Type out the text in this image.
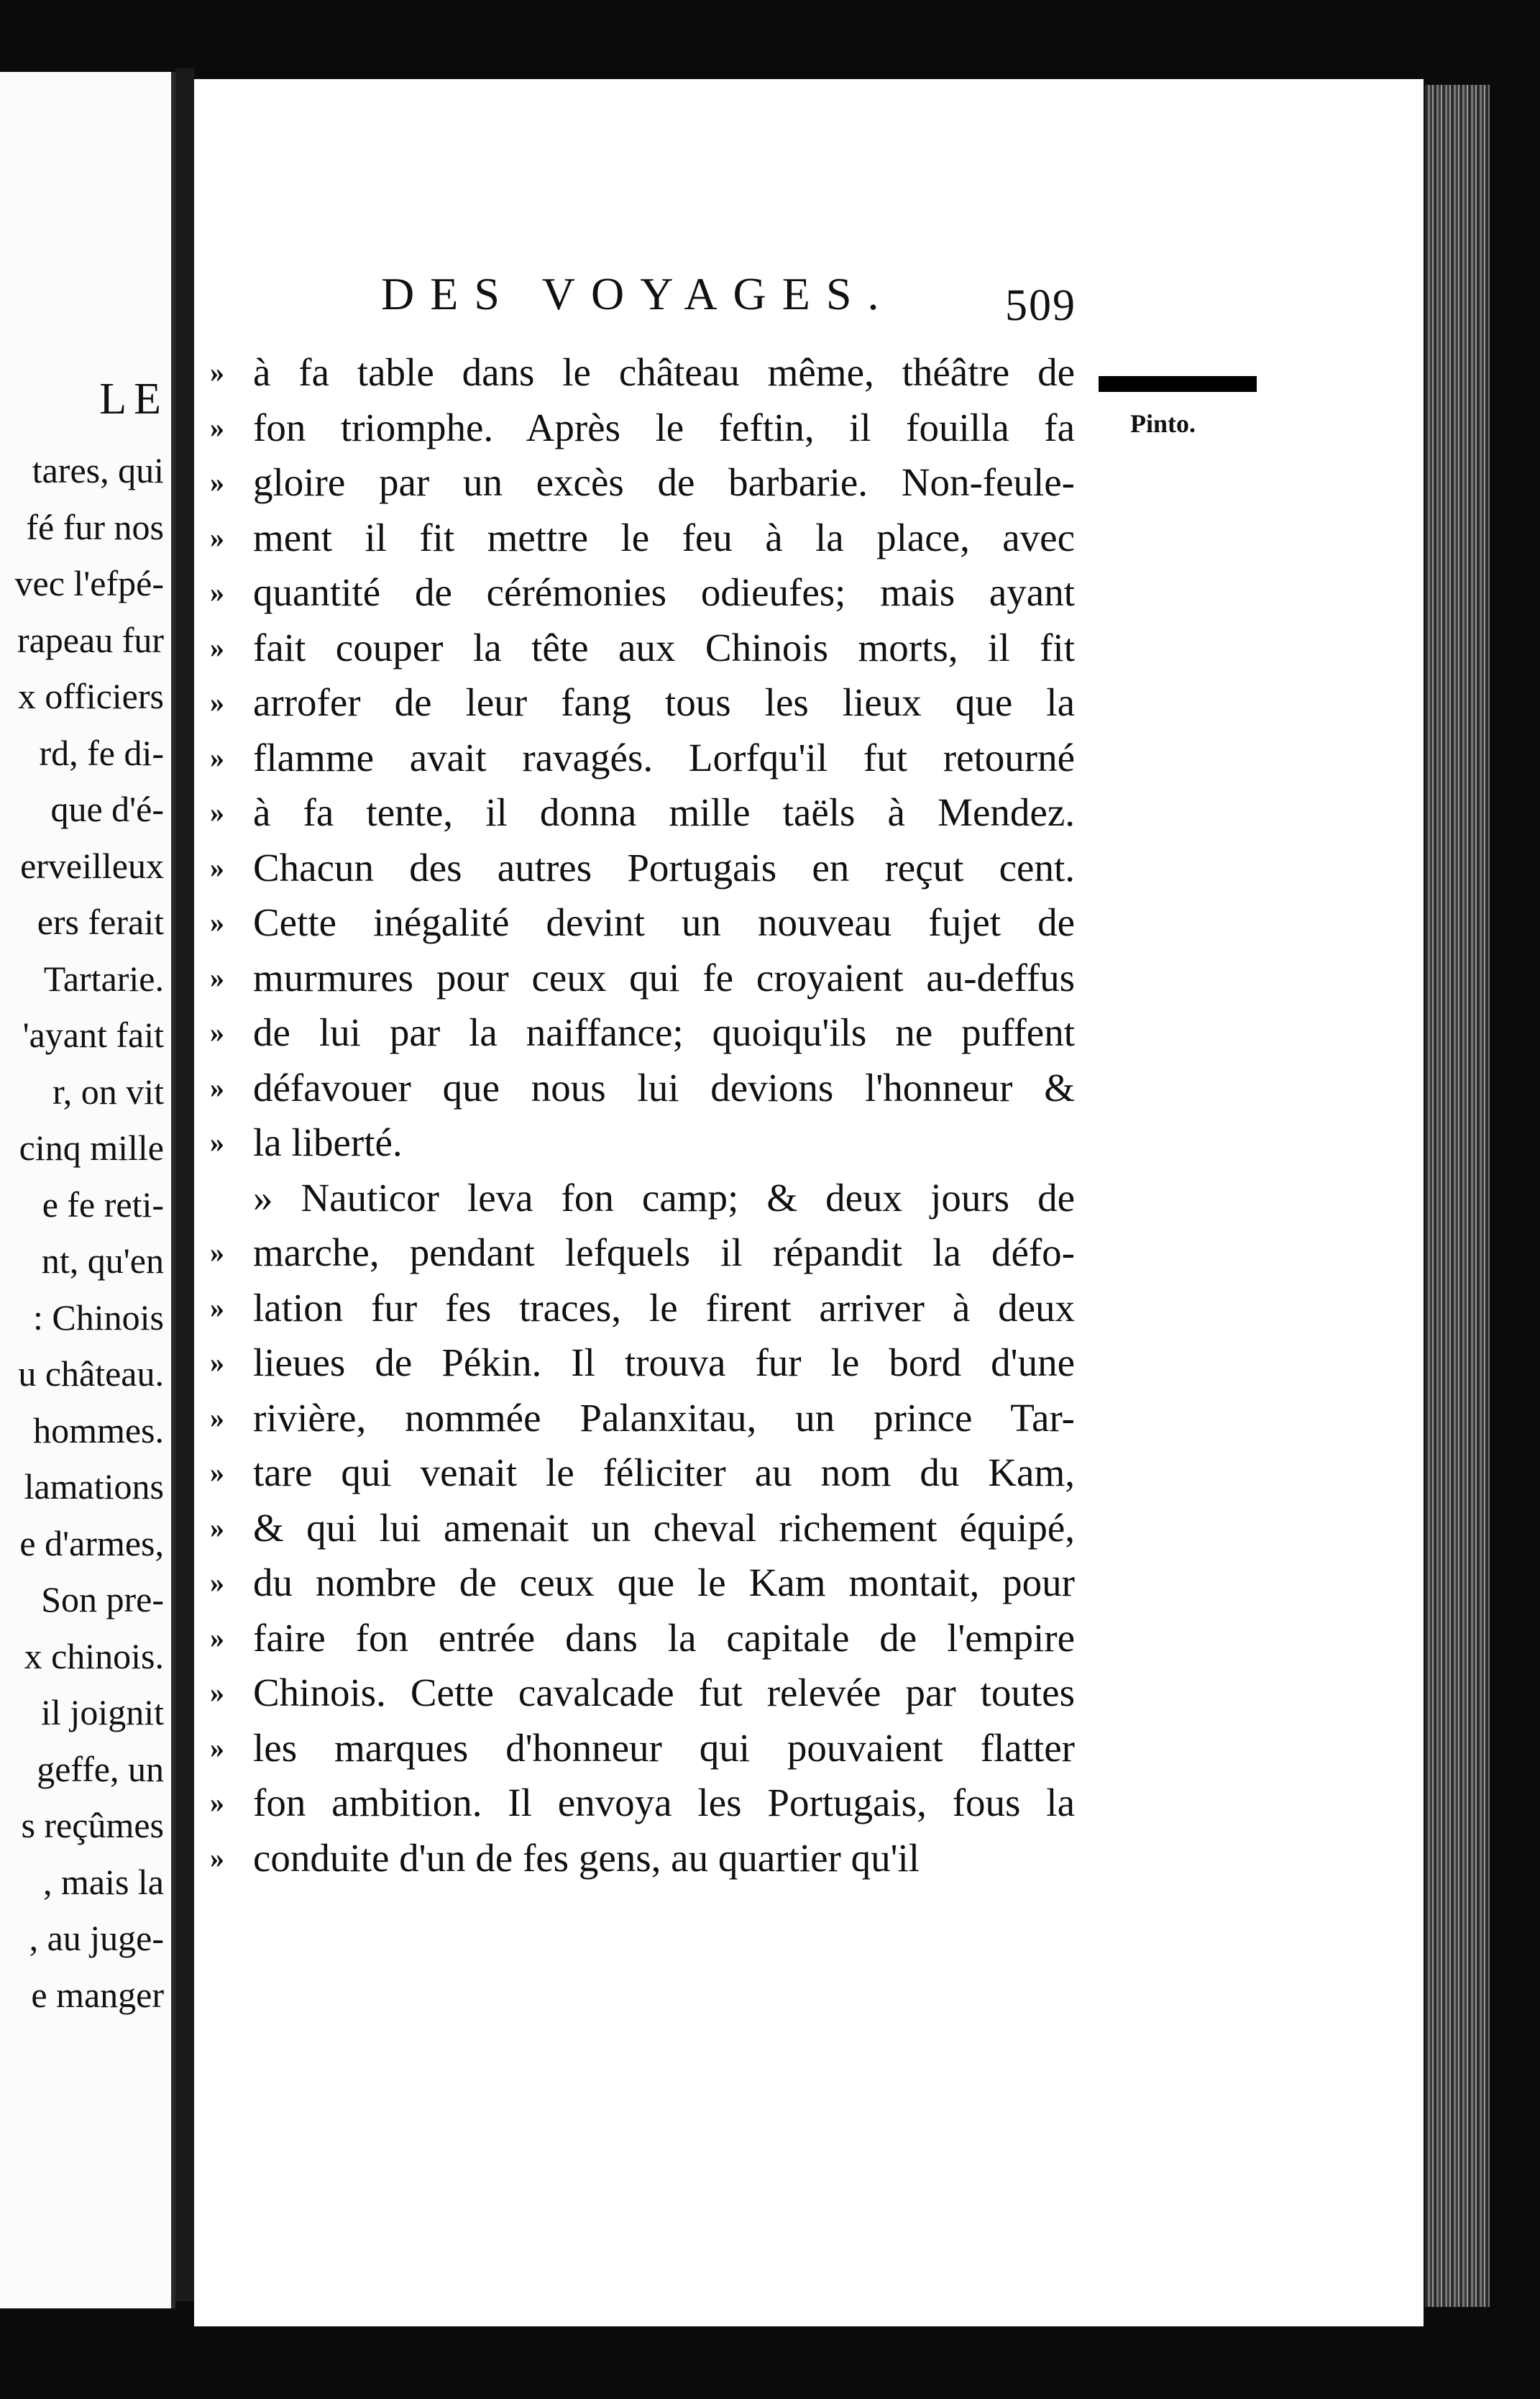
LE
tares, qui
fé fur nos
vec l'efpé-
rapeau fur
x officiers
rd, fe di-
que d'é-
erveilleux
ers ferait
Tartarie.
'ayant fait
r, on vit
cinq mille
e fe reti-
nt, qu'en
: Chinois
u château.
hommes.
lamations
e d'armes,
Son pre-
x chinois.
il joignit
geffe, un
s reçûmes
, mais la
, au juge-
e manger
DES VOYAGES. 509
Pinto.
» à fa table dans le château même, théâtre de
» fon triomphe. Après le feftin, il fouilla fa
» gloire par un excès de barbarie. Non-feule-
» ment il fit mettre le feu à la place, avec
» quantité de cérémonies odieufes; mais ayant
» fait couper la tête aux Chinois morts, il fit
» arrofer de leur fang tous les lieux que la
» flamme avait ravagés. Lorfqu'il fut retourné
» à fa tente, il donna mille taëls à Mendez.
» Chacun des autres Portugais en reçut cent.
» Cette inégalité devint un nouveau fujet de
» murmures pour ceux qui fe croyaient au-deffus
» de lui par la naiffance; quoiqu'ils ne puffent
» défavouer que nous lui devions l'honneur &
» la liberté.
» Nauticor leva fon camp; & deux jours de
» marche, pendant lefquels il répandit la défo-
» lation fur fes traces, le firent arriver à deux
» lieues de Pékin. Il trouva fur le bord d'une
» rivière, nommée Palanxitau, un prince Tar-
» tare qui venait le féliciter au nom du Kam,
» & qui lui amenait un cheval richement équipé,
» du nombre de ceux que le Kam montait, pour
» faire fon entrée dans la capitale de l'empire
» Chinois. Cette cavalcade fut relevée par toutes
» les marques d'honneur qui pouvaient flatter
» fon ambition. Il envoya les Portugais, fous la
» conduite d'un de fes gens, au quartier qu'il
